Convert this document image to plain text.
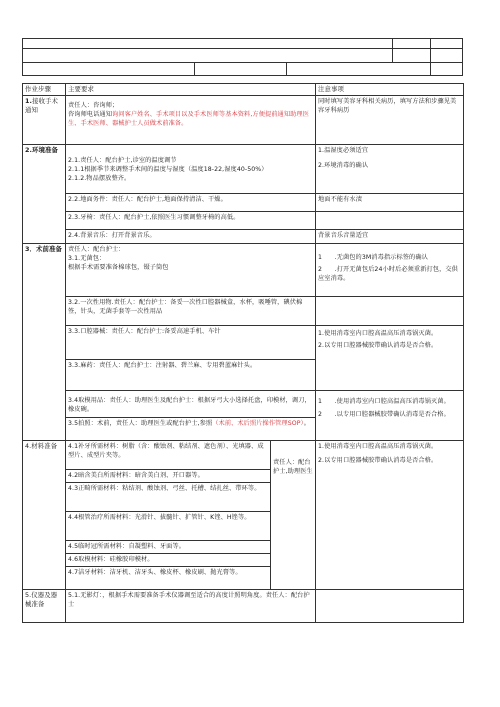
作业步骤	主要要求		注意事项
1.接收手术通知	责任人：咨询师；
咨询师电话通知询问客户姓名、手术项目以及手术医师等基本资料,方便提前通知助理医生、手术医师、器械护士人员做术前准备。		同时填写美容牙科相关病历，填写方法和步骤见美容牙科病历
2.环境准备	2.1.责任人：配台护士,诊室的温度调节
2.1.1根据季节来调整手术间的温度与湿度（温度18-22,湿度40-50%）
2.1.2.物品摆放整齐。		1.温湿度必须适宜
2.环境消毒的确认

	2.2.地面务件：责任人：配台护士,地面保持清洁、干燥。		地面不能有水渍
	2.3.牙椅：责任人：配台护士,依照医生习惯调整牙椅的高低。		
	2.4.背景音乐：打开背景音乐。		背景音乐音量适宜
3．术前准备	责任人：配台护士：
3.1.无菌包：
根据手术需要准备棉球包，镊子筒包		1　　.无菌包的3M消毒指示标签的确认
2　　.打开无菌包后24小时后必须重新打包，交供应室消毒。

	3.2.一次性用物.责任人：配台护士：备妥一次性口腔器械盒，水杯，吸唾管，碘伏棉签，针头，无菌手套等一次性用品		
	3.3.口腔器械：责任人：配台护士:备妥高速手机、车针		1.使用消毒室内口腔高温高压消毒锅灭菌。
2.以专用口腔器械胶带确认消毒是否合格。

	3.3.麻药：责任人：配台护士：注射器、碧兰麻、专用碧蓝麻针头。		

3.4取模用品：责任人：助理医生及配台护士：根据牙弓大小选择托盘，印模材，调刀，橡皮碗。		1　　.使用消毒室内口腔高温高压消毒锅灭菌。
2　　.以专用口腔器械胶带确认消毒是否合格。

	3.5拍照：术前，责任人：助理医生或配台护士,参照（术前、术后照片操作管理SOP）。		
4.材料准备	4.1补牙所需材料：树脂（含：酸蚀剂、粘结剂、遮色剂）、光填器、成型片、成型片夹等。	责任人：配台护士,助理医生	1.使用消毒室内口腔高温高压消毒锅灭菌。
2.以专用口腔器械胶带确认消毒是否合格。

	4.2暗含美白所需材料：暗含美白剂、开口器等。		
	4.3正畸所需材料：粘结剂、酸蚀剂、弓丝、托槽、结扎丝、带环等。		
	4.4根管治疗所需材料：光滑针、拔髓针、扩管针、K锉、H锉等。		
	4.5临时冠所需材料：自凝塑料、牙面等。		
	4.6取模材料：硅橡胶印模材。		
	4.7洁牙材料：洁牙机、洁牙头、橡皮杯、橡皮刷、抛光膏等。		
5.仪器及器械准备	5.1.无影灯：，根据手术需要准备手术仪器调至适合的高度计照明角度。责任人：配台护士		
